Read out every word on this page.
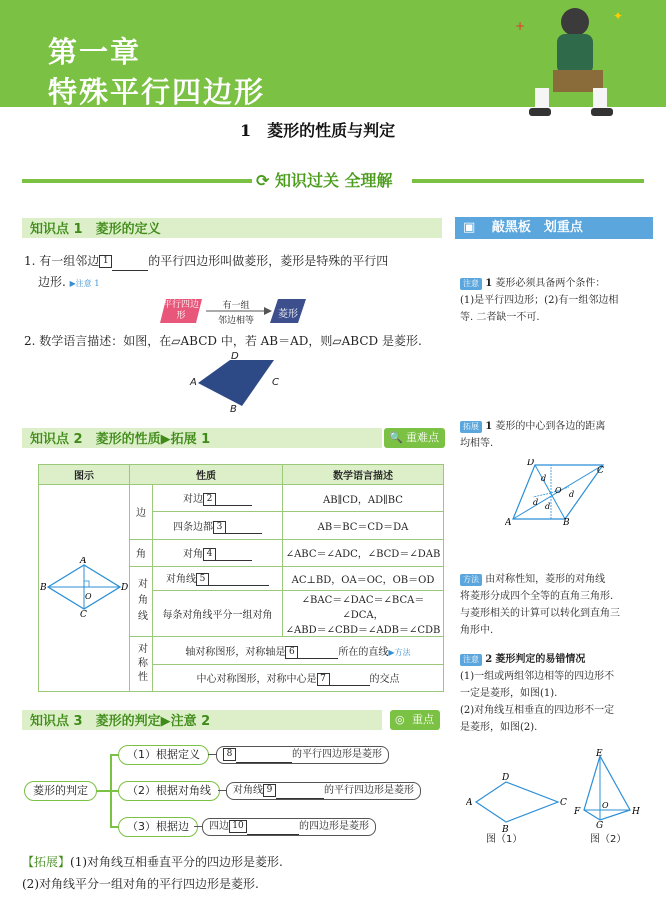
+
✦
第一章
特殊平行四边形
1　菱形的性质与判定
⟳ 知识过关 全理解
知识点 1　菱形的定义
1. 有一组邻边 1	的平行四边形叫做菱形，菱形是特殊的平行四
边形. ▶注意 1
平行四边形
有一组
邻边相等
菱形
2. 数学语言描述：如图，在▱ABCD 中，若 AB＝AD，则▱ABCD 是菱形.
D
A	C
B
知识点 2　菱形的性质▶拓展 1	🔍 重难点
图示	性质		数学语言描述

A
B D
O
C	边	对边 2	AB∥CD，AD∥BC
		四条边都 3	AB＝BC＝CD＝DA
	角	对角 4	∠ABC＝∠ADC，∠BCD＝∠DAB
	对角线	对角线 5	AC⊥BD，OA＝OC，OB＝OD
		每条对角线平分一组对角	∠BAC＝∠DAC＝∠BCA＝∠DCA，
∠ABD＝∠CBD＝∠ADB＝∠CDB

	对称性	轴对称图形，对称轴是 6 所在的直线▶方法	
		中心对称图形，对称中心是 7 的交点	
知识点 3　菱形的判定▶注意 2	◎ 重点
菱形的判定
（1）根据定义
（2）根据对角线
（3）根据边
8	的平行四边形是菱形
对角线 9	的平行四边形是菱形
四边 10	的四边形是菱形
【拓展】(1)对角线互相垂直平分的四边形是菱形.
(2)对角线平分一组对角的平行四边形是菱形.
▣ 敲黑板　划重点
注意 1 菱形必须具备两个条件：
(1)是平行四边形；(2)有一组邻边相
等. 二者缺一不可.
拓展 1 菱形的中心到各边的距离
均相等.
D
C
A	B
O
d
d
d
d
方法 由对称性知，菱形的对角线
将菱形分成四个全等的直角三角形.
与菱形相关的计算可以转化到直角三
角形中.
注意 2 菱形判定的易错情况
(1)一组或两组邻边相等的四边形不
一定是菱形，如图(1).
(2)对角线互相垂直的四边形不一定
是菱形，如图(2).
D
A	C
B
图（1）
E
F	H
O
G
图（2）
